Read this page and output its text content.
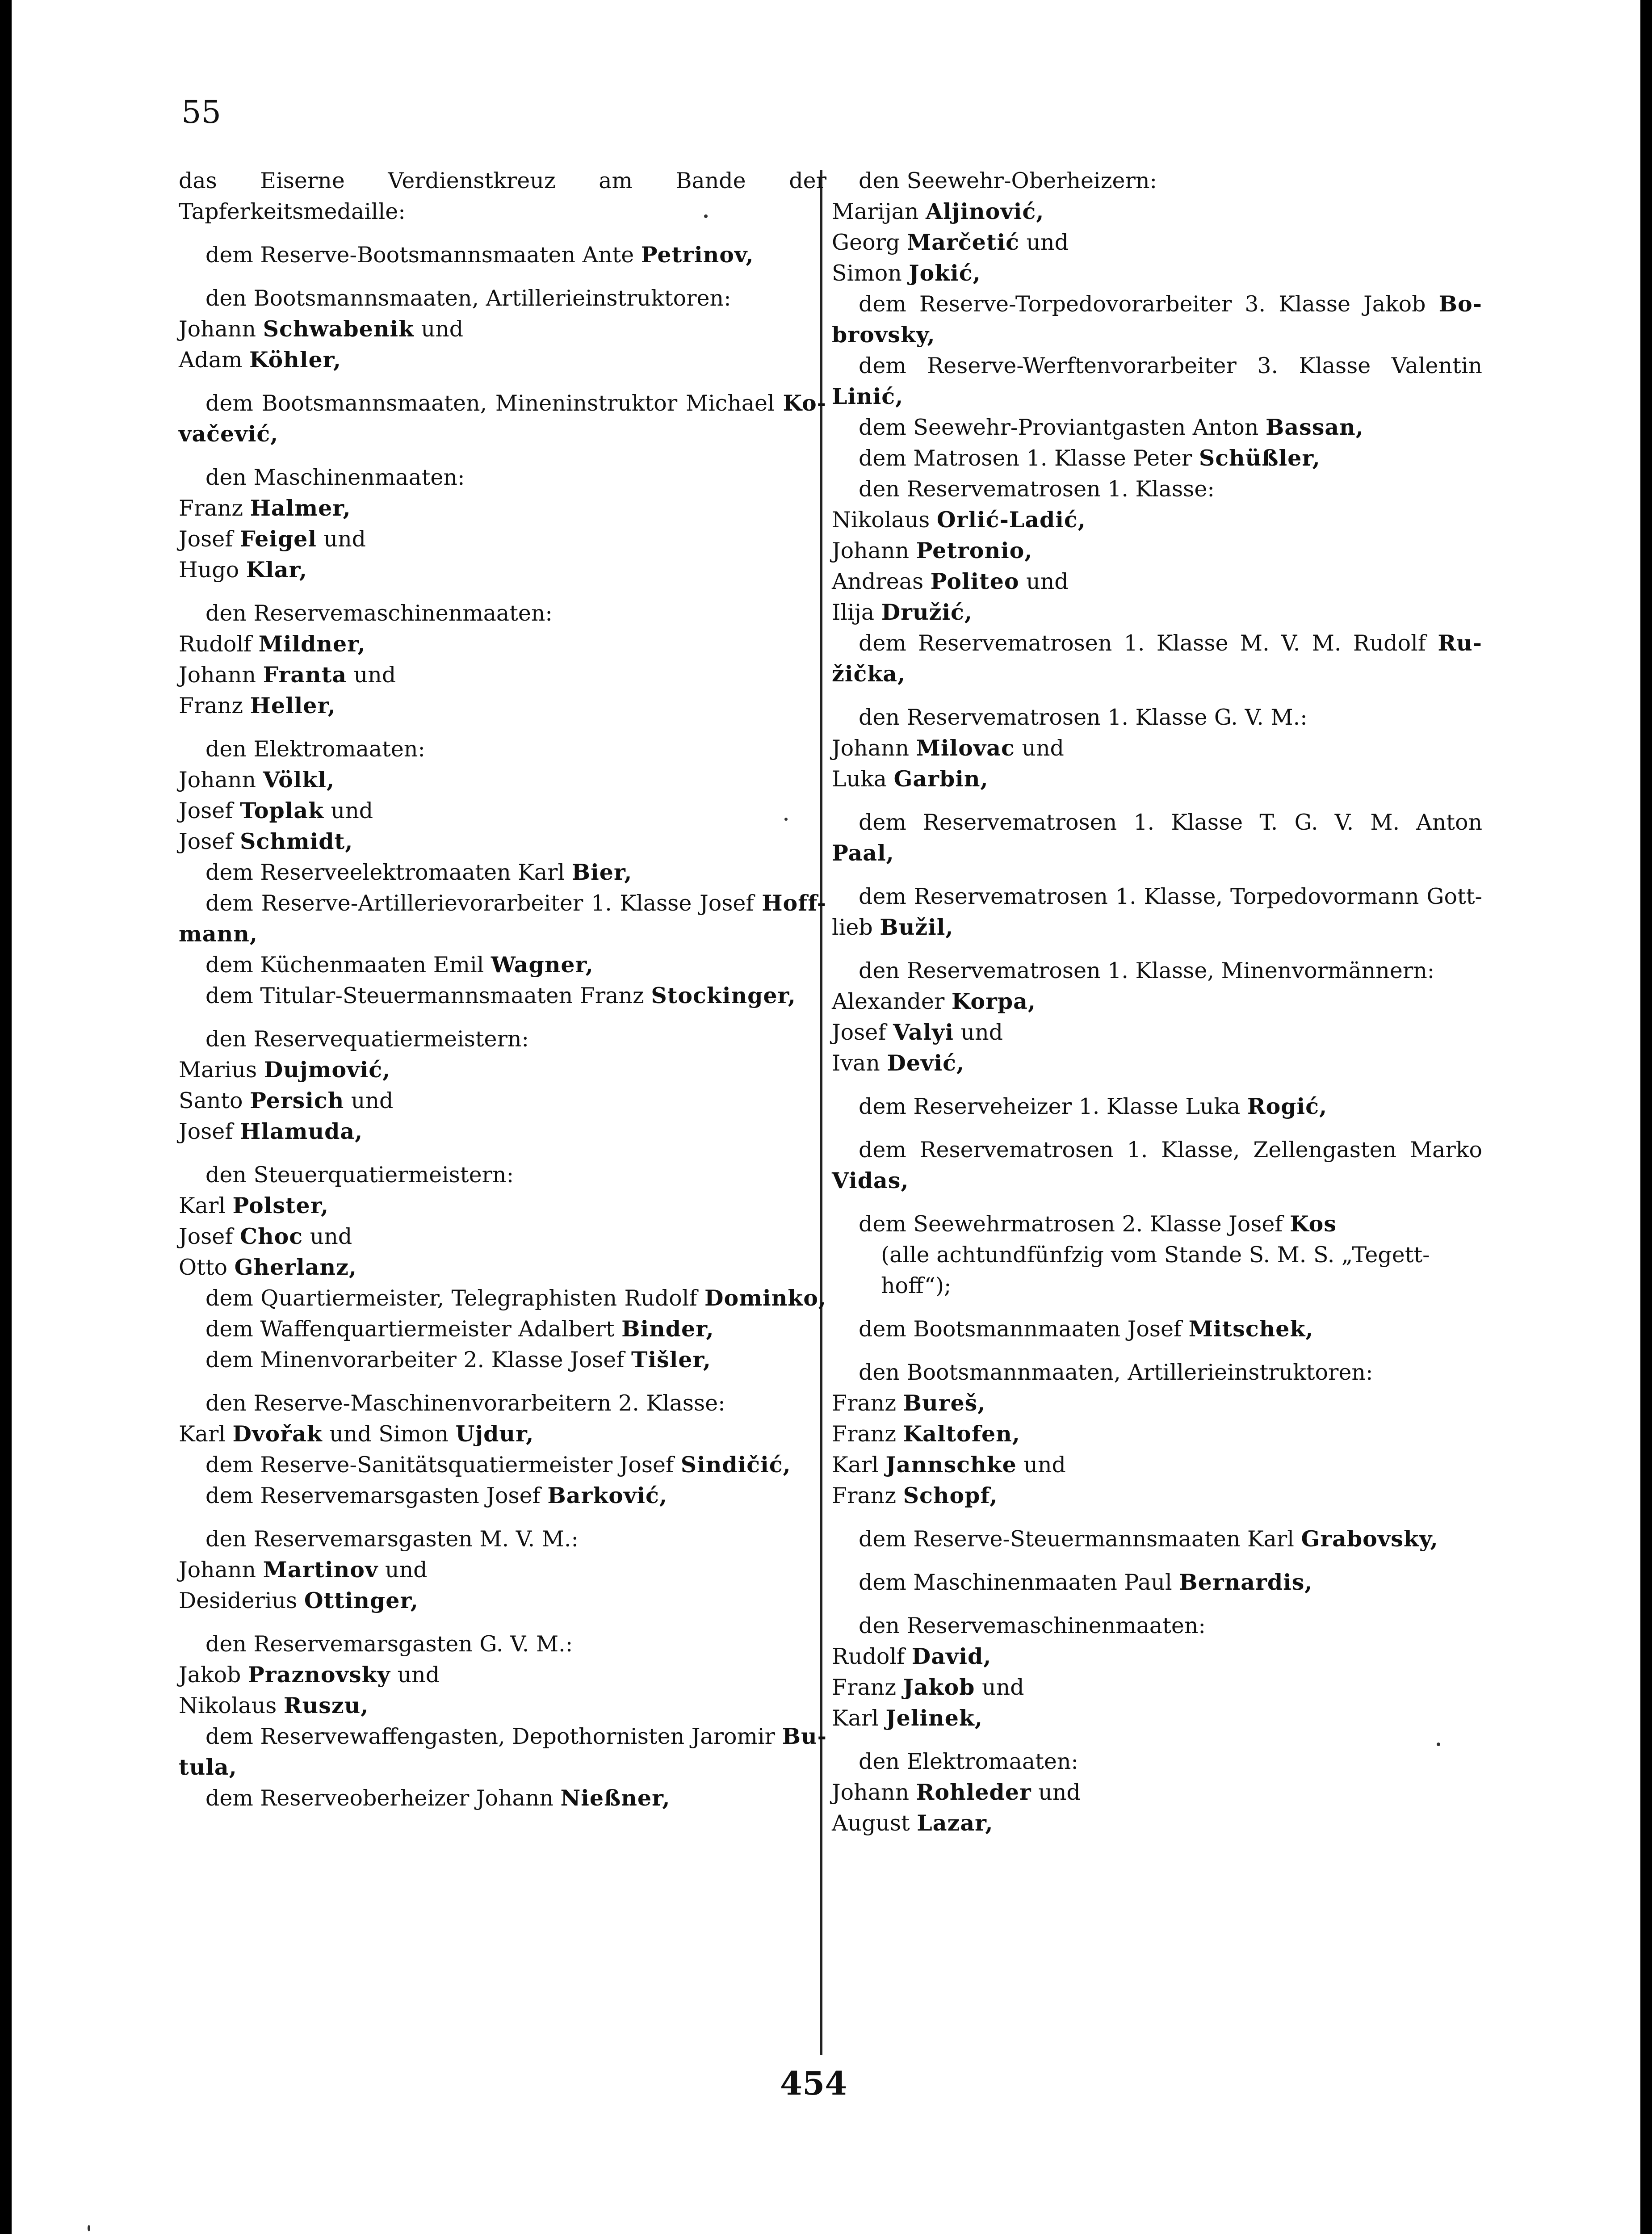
55
das Eiserne Verdienstkreuz am Bande der
Tapferkeitsmedaille:
dem Reserve-Bootsmannsmaaten Ante Petrinov,
den Bootsmannsmaaten, Artillerieinstruktoren:
Johann Schwabenik und
Adam Köhler,
dem Bootsmannsmaaten, Mineninstruktor Michael Ko-
vačević,
den Maschinenmaaten:
Franz Halmer,
Josef Feigel und
Hugo Klar,
den Reservemaschinenmaaten:
Rudolf Mildner,
Johann Franta und
Franz Heller,
den Elektromaaten:
Johann Völkl,
Josef Toplak und
Josef Schmidt,
dem Reserveelektromaaten Karl Bier,
dem Reserve-Artillerievorarbeiter 1. Klasse Josef Hoff-
mann,
dem Küchenmaaten Emil Wagner,
dem Titular-Steuermannsmaaten Franz Stockinger,
den Reservequatiermeistern:
Marius Dujmović,
Santo Persich und
Josef Hlamuda,
den Steuerquatiermeistern:
Karl Polster,
Josef Choc und
Otto Gherlanz,
dem Quartiermeister, Telegraphisten Rudolf Dominko,
dem Waffenquartiermeister Adalbert Binder,
dem Minenvorarbeiter 2. Klasse Josef Tišler,
den Reserve-Maschinenvorarbeitern 2. Klasse:
Karl Dvořak und Simon Ujdur,
dem Reserve-Sanitätsquatiermeister Josef Sindičić,
dem Reservemarsgasten Josef Barković,
den Reservemarsgasten M. V. M.:
Johann Martinov und
Desiderius Ottinger,
den Reservemarsgasten G. V. M.:
Jakob Praznovsky und
Nikolaus Ruszu,
dem Reservewaffengasten, Depothornisten Jaromir Bu-
tula,
dem Reserveoberheizer Johann Nießner,
den Seewehr-Oberheizern:
Marijan Aljinović,
Georg Marčetić und
Simon Jokić,
dem Reserve-Torpedovorarbeiter 3. Klasse Jakob Bo-
brovsky,
dem Reserve-Werftenvorarbeiter 3. Klasse Valentin
Linić,
dem Seewehr-Proviantgasten Anton Bassan,
dem Matrosen 1. Klasse Peter Schüßler,
den Reservematrosen 1. Klasse:
Nikolaus Orlić-Ladić,
Johann Petronio,
Andreas Politeo und
Ilija Družić,
dem Reservematrosen 1. Klasse M. V. M. Rudolf Ru-
žička,
den Reservematrosen 1. Klasse G. V. M.:
Johann Milovac und
Luka Garbin,
dem Reservematrosen 1. Klasse T. G. V. M. Anton
Paal,
dem Reservematrosen 1. Klasse, Torpedovormann Gott-
lieb Bužil,
den Reservematrosen 1. Klasse, Minenvormännern:
Alexander Korpa,
Josef Valyi und
Ivan Dević,
dem Reserveheizer 1. Klasse Luka Rogić,
dem Reservematrosen 1. Klasse, Zellengasten Marko
Vidas,
dem Seewehrmatrosen 2. Klasse Josef Kos
(alle achtundfünfzig vom Stande S. M. S. „Tegett-
hoff“);
dem Bootsmannmaaten Josef Mitschek,
den Bootsmannmaaten, Artillerieinstruktoren:
Franz Bureš,
Franz Kaltofen,
Karl Jannschke und
Franz Schopf,
dem Reserve-Steuermannsmaaten Karl Grabovsky,
dem Maschinenmaaten Paul Bernardis,
den Reservemaschinenmaaten:
Rudolf David,
Franz Jakob und
Karl Jelinek,
den Elektromaaten:
Johann Rohleder und
August Lazar,
454
